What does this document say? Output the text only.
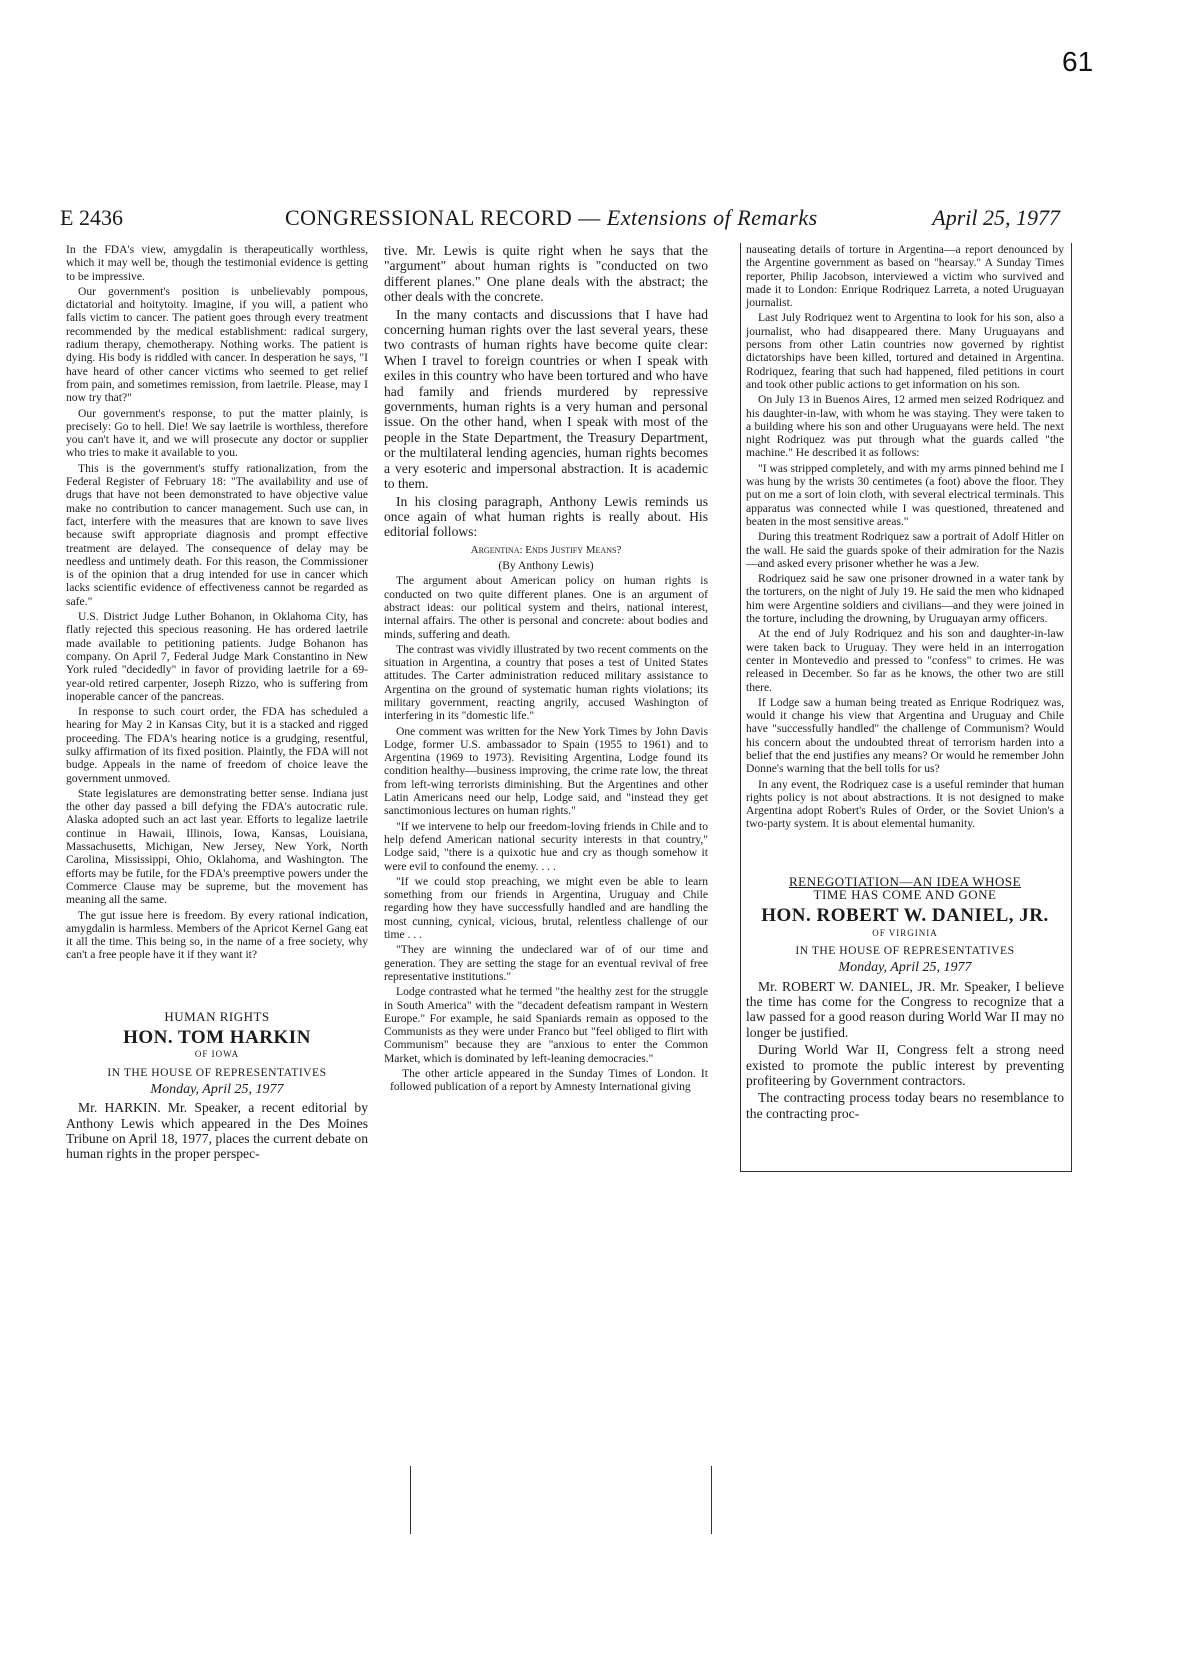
61
E 2436	CONGRESSIONAL RECORD — Extensions of Remarks	April 25, 1977

In the FDA's view, amygdalin is therapeutically worthless, which it may well be, though the testimonial evidence is getting to be impressive.

Our government's position is unbelievably pompous, dictatorial and hoitytoity. Imagine, if you will, a patient who falls victim to cancer. The patient goes through every treatment recommended by the medical establishment: radical surgery, radium therapy, chemotherapy. Nothing works. The patient is dying. His body is riddled with cancer. In desperation he says, "I have heard of other cancer victims who seemed to get relief from pain, and sometimes remission, from laetrile. Please, may I now try that?"

Our government's response, to put the matter plainly, is precisely: Go to hell. Die! We say laetrile is worthless, therefore you can't have it, and we will prosecute any doctor or supplier who tries to make it available to you.

This is the government's stuffy rationalization, from the Federal Register of February 18: "The availability and use of drugs that have not been demonstrated to have objective value make no contribution to cancer management. Such use can, in fact, interfere with the measures that are known to save lives because swift appropriate diagnosis and prompt effective treatment are delayed. The consequence of delay may be needless and untimely death. For this reason, the Commissioner is of the opinion that a drug intended for use in cancer which lacks scientific evidence of effectiveness cannot be regarded as safe."

U.S. District Judge Luther Bohanon, in Oklahoma City, has flatly rejected this specious reasoning. He has ordered laetrile made available to petitioning patients. Judge Bohanon has company. On April 7, Federal Judge Mark Constantino in New York ruled "decidedly" in favor of providing laetrile for a 69-year-old retired carpenter, Joseph Rizzo, who is suffering from inoperable cancer of the pancreas.

In response to such court order, the FDA has scheduled a hearing for May 2 in Kansas City, but it is a stacked and rigged proceeding. The FDA's hearing notice is a grudging, resentful, sulky affirmation of its fixed position. Plaintly, the FDA will not budge. Appeals in the name of freedom of choice leave the government unmoved.

State legislatures are demonstrating better sense. Indiana just the other day passed a bill defying the FDA's autocratic rule. Alaska adopted such an act last year. Efforts to legalize laetrile continue in Hawaii, Illinois, Iowa, Kansas, Louisiana, Massachusetts, Michigan, New Jersey, New York, North Carolina, Mississippi, Ohio, Oklahoma, and Washington. The efforts may be futile, for the FDA's preemptive powers under the Commerce Clause may be supreme, but the movement has meaning all the same.

The gut issue here is freedom. By every rational indication, amygdalin is harmless. Members of the Apricot Kernel Gang eat it all the time. This being so, in the name of a free society, why can't a free people have it if they want it?

HUMAN RIGHTS
HON. TOM HARKIN
OF IOWA
IN THE HOUSE OF REPRESENTATIVES
Monday, April 25, 1977

Mr. HARKIN. Mr. Speaker, a recent editorial by Anthony Lewis which appeared in the Des Moines Tribune on April 18, 1977, places the current debate on human rights in the proper perspec-

tive. Mr. Lewis is quite right when he says that the "argument" about human rights is "conducted on two different planes." One plane deals with the abstract; the other deals with the concrete.

In the many contacts and discussions that I have had concerning human rights over the last several years, these two contrasts of human rights have become quite clear: When I travel to foreign countries or when I speak with exiles in this country who have been tortured and who have had family and friends murdered by repressive governments, human rights is a very human and personal issue. On the other hand, when I speak with most of the people in the State Department, the Treasury Department, or the multilateral lending agencies, human rights becomes a very esoteric and impersonal abstraction. It is academic to them.

In his closing paragraph, Anthony Lewis reminds us once again of what human rights is really about. His editorial follows:

Argentina: Ends Justify Means?

(By Anthony Lewis)

The argument about American policy on human rights is conducted on two quite different planes. One is an argument of abstract ideas: our political system and theirs, national interest, internal affairs. The other is personal and concrete: about bodies and minds, suffering and death.

The contrast was vividly illustrated by two recent comments on the situation in Argentina, a country that poses a test of United States attitudes. The Carter administration reduced military assistance to Argentina on the ground of systematic human rights violations; its military government, reacting angrily, accused Washington of interfering in its "domestic life."

One comment was written for the New York Times by John Davis Lodge, former U.S. ambassador to Spain (1955 to 1961) and to Argentina (1969 to 1973). Revisiting Argentina, Lodge found its condition healthy—business improving, the crime rate low, the threat from left-wing terrorists diminishing. But the Argentines and other Latin Americans need our help, Lodge said, and "instead they get sanctimonious lectures on human rights."

"If we intervene to help our freedom-loving friends in Chile and to help defend American national security interests in that country," Lodge said, "there is a quixotic hue and cry as though somehow it were evil to confound the enemy. . . .

"If we could stop preaching, we might even be able to learn something from our friends in Argentina, Uruguay and Chile regarding how they have successfully handled and are handling the most cunning, cynical, vicious, brutal, relentless challenge of our time . . .

"They are winning the undeclared war of of our time and generation. They are setting the stage for an eventual revival of free representative institutions."

Lodge contrasted what he termed "the healthy zest for the struggle in South America" with the "decadent defeatism rampant in Western Europe." For example, he said Spaniards remain as opposed to the Communists as they were under Franco but "feel obliged to flirt with Communism" because they are "anxious to enter the Common Market, which is dominated by left-leaning democracies."

The other article appeared in the Sunday Times of London. It followed publication of a report by Amnesty International giving

nauseating details of torture in Argentina—a report denounced by the Argentine government as based on "hearsay." A Sunday Times reporter, Philip Jacobson, interviewed a victim who survived and made it to London: Enrique Rodriquez Larreta, a noted Uruguayan journalist.

Last July Rodriquez went to Argentina to look for his son, also a journalist, who had disappeared there. Many Uruguayans and persons from other Latin countries now governed by rightist dictatorships have been killed, tortured and detained in Argentina. Rodriquez, fearing that such had happened, filed petitions in court and took other public actions to get information on his son.

On July 13 in Buenos Aires, 12 armed men seized Rodriquez and his daughter-in-law, with whom he was staying. They were taken to a building where his son and other Uruguayans were held. The next night Rodriquez was put through what the guards called "the machine." He described it as follows:

"I was stripped completely, and with my arms pinned behind me I was hung by the wrists 30 centimetes (a foot) above the floor. They put on me a sort of loin cloth, with several electrical terminals. This apparatus was connected while I was questioned, threatened and beaten in the most sensitive areas."

During this treatment Rodriquez saw a portrait of Adolf Hitler on the wall. He said the guards spoke of their admiration for the Nazis—and asked every prisoner whether he was a Jew.

Rodriquez said he saw one prisoner drowned in a water tank by the torturers, on the night of July 19. He said the men who kidnaped him were Argentine soldiers and civilians—and they were joined in the torture, including the drowning, by Uruguayan army officers.

At the end of July Rodriquez and his son and daughter-in-law were taken back to Uruguay. They were held in an interrogation center in Montevedio and pressed to "confess" to crimes. He was released in December. So far as he knows, the other two are still there.

If Lodge saw a human being treated as Enrique Rodriquez was, would it change his view that Argentina and Uruguay and Chile have "successfully handled" the challenge of Communism? Would his concern about the undoubted threat of terrorism harden into a belief that the end justifies any means? Or would he remember John Donne's warning that the bell tolls for us?

In any event, the Rodriquez case is a useful reminder that human rights policy is not about abstractions. It is not designed to make Argentina adopt Robert's Rules of Order, or the Soviet Union's a two-party system. It is about elemental humanity.

RENEGOTIATION—AN IDEA WHOSE
TIME HAS COME AND GONE
HON. ROBERT W. DANIEL, JR.
OF VIRGINIA
IN THE HOUSE OF REPRESENTATIVES
Monday, April 25, 1977

Mr. ROBERT W. DANIEL, JR. Mr. Speaker, I believe the time has come for the Congress to recognize that a law passed for a good reason during World War II may no longer be justified.

During World War II, Congress felt a strong need existed to promote the public interest by preventing profiteering by Government contractors.

The contracting process today bears no resemblance to the contracting proc-
